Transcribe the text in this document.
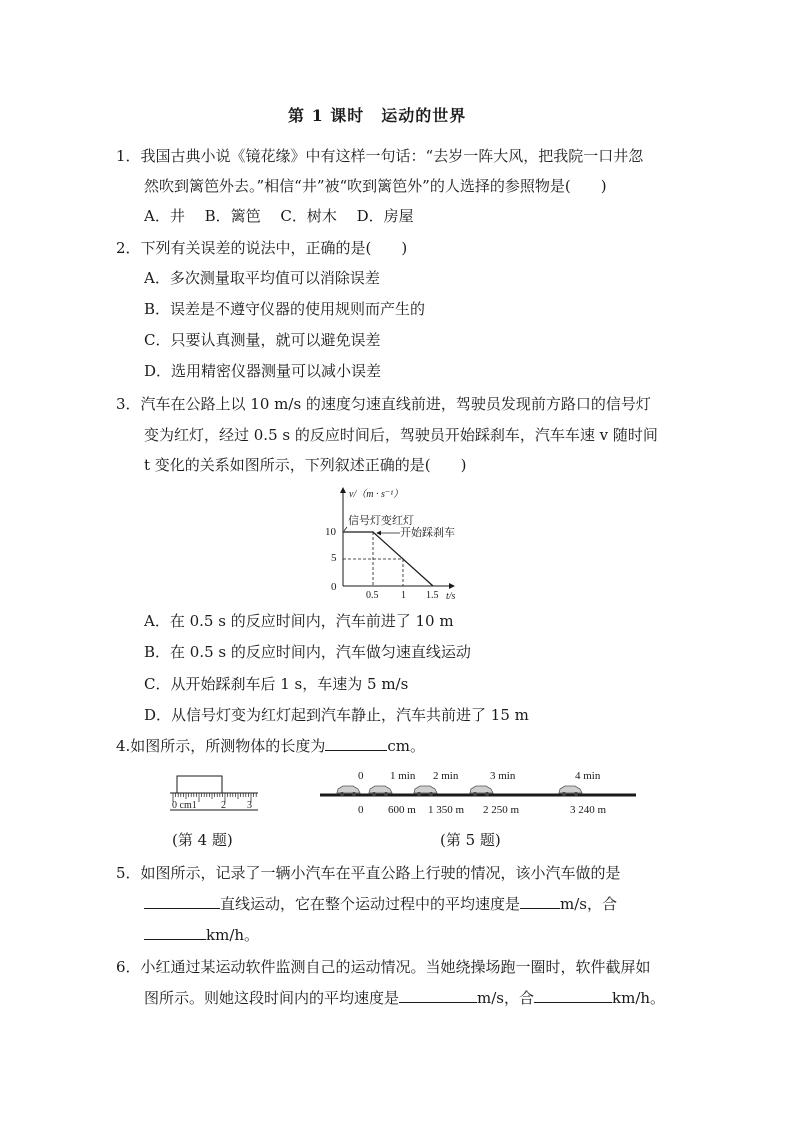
第 1 课时　运动的世界
1．我国古典小说《镜花缘》中有这样一句话：“去岁一阵大风，把我院一口井忽
然吹到篱笆外去。”相信“井”被“吹到篱笆外”的人选择的参照物是(　　)
A．井　 B．篱笆　 C．树木　 D．房屋
2．下列有关误差的说法中，正确的是(　　)
A．多次测量取平均值可以消除误差
B．误差是不遵守仪器的使用规则而产生的
C．只要认真测量，就可以避免误差
D．选用精密仪器测量可以减小误差
3．汽车在公路上以 10 m/s 的速度匀速直线前进，驾驶员发现前方路口的信号灯
变为红灯，经过 0.5 s 的反应时间后，驾驶员开始踩刹车，汽车车速 v 随时间
t 变化的关系如图所示，下列叙述正确的是(　　)
v/（m · s⁻¹）
t/s
10
5
0
0.5 1 1.5
信号灯变红灯
开始踩刹车
A．在 0.5 s 的反应时间内，汽车前进了 10 m
B．在 0.5 s 的反应时间内，汽车做匀速直线运动
C．从开始踩刹车后 1 s，车速为 5 m/s
D．从信号灯变为红灯起到汽车静止，汽车共前进了 15 m
4.如图所示，所测物体的长度为	cm。
0 cm1 2 3
0 1 min 2 min	3 min	4 min
0 600 m 1 350 m 2 250 m	3 240 m
(第 4 题)	(第 5 题)
5．如图所示，记录了一辆小汽车在平直公路上行驶的情况，该小汽车做的是
直线运动，它在整个运动过程中的平均速度是	m/s，合
km/h。
6．小红通过某运动软件监测自己的运动情况。当她绕操场跑一圈时，软件截屏如
图所示。则她这段时间内的平均速度是	m/s，合	km/h。
